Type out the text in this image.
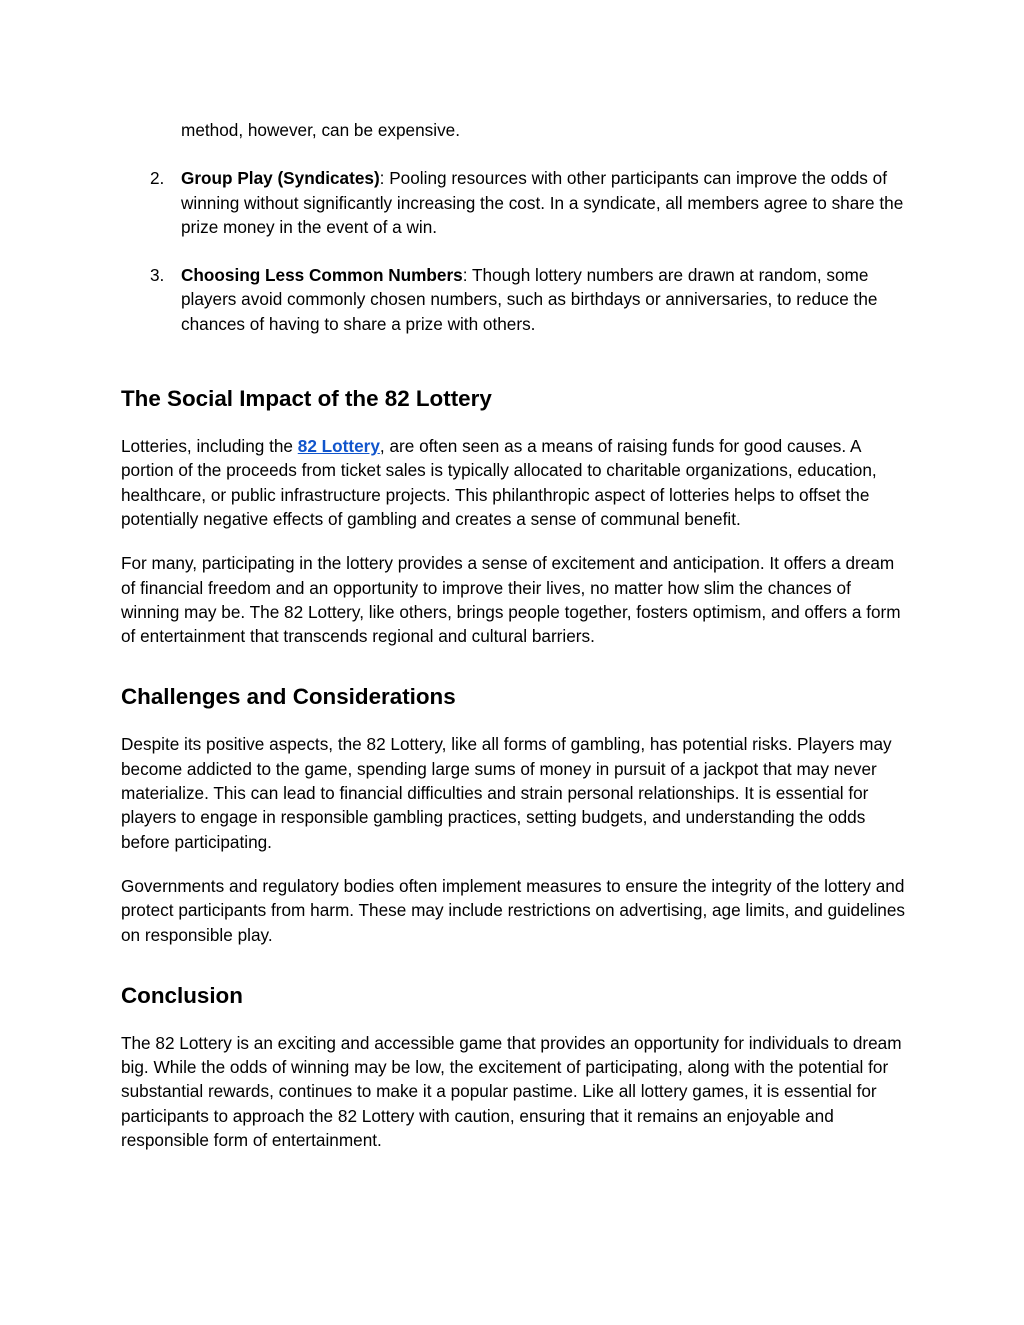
method, however, can be expensive.
2. Group Play (Syndicates): Pooling resources with other participants can improve the odds of winning without significantly increasing the cost. In a syndicate, all members agree to share the prize money in the event of a win.
3. Choosing Less Common Numbers: Though lottery numbers are drawn at random, some players avoid commonly chosen numbers, such as birthdays or anniversaries, to reduce the chances of having to share a prize with others.
The Social Impact of the 82 Lottery

Lotteries, including the 82 Lottery, are often seen as a means of raising funds for good causes. A portion of the proceeds from ticket sales is typically allocated to charitable organizations, education, healthcare, or public infrastructure projects. This philanthropic aspect of lotteries helps to offset the potentially negative effects of gambling and creates a sense of communal benefit.

For many, participating in the lottery provides a sense of excitement and anticipation. It offers a dream of financial freedom and an opportunity to improve their lives, no matter how slim the chances of winning may be. The 82 Lottery, like others, brings people together, fosters optimism, and offers a form of entertainment that transcends regional and cultural barriers.

Challenges and Considerations

Despite its positive aspects, the 82 Lottery, like all forms of gambling, has potential risks. Players may become addicted to the game, spending large sums of money in pursuit of a jackpot that may never materialize. This can lead to financial difficulties and strain personal relationships. It is essential for players to engage in responsible gambling practices, setting budgets, and understanding the odds before participating.

Governments and regulatory bodies often implement measures to ensure the integrity of the lottery and protect participants from harm. These may include restrictions on advertising, age limits, and guidelines on responsible play.

Conclusion

The 82 Lottery is an exciting and accessible game that provides an opportunity for individuals to dream big. While the odds of winning may be low, the excitement of participating, along with the potential for substantial rewards, continues to make it a popular pastime. Like all lottery games, it is essential for participants to approach the 82 Lottery with caution, ensuring that it remains an enjoyable and responsible form of entertainment.
